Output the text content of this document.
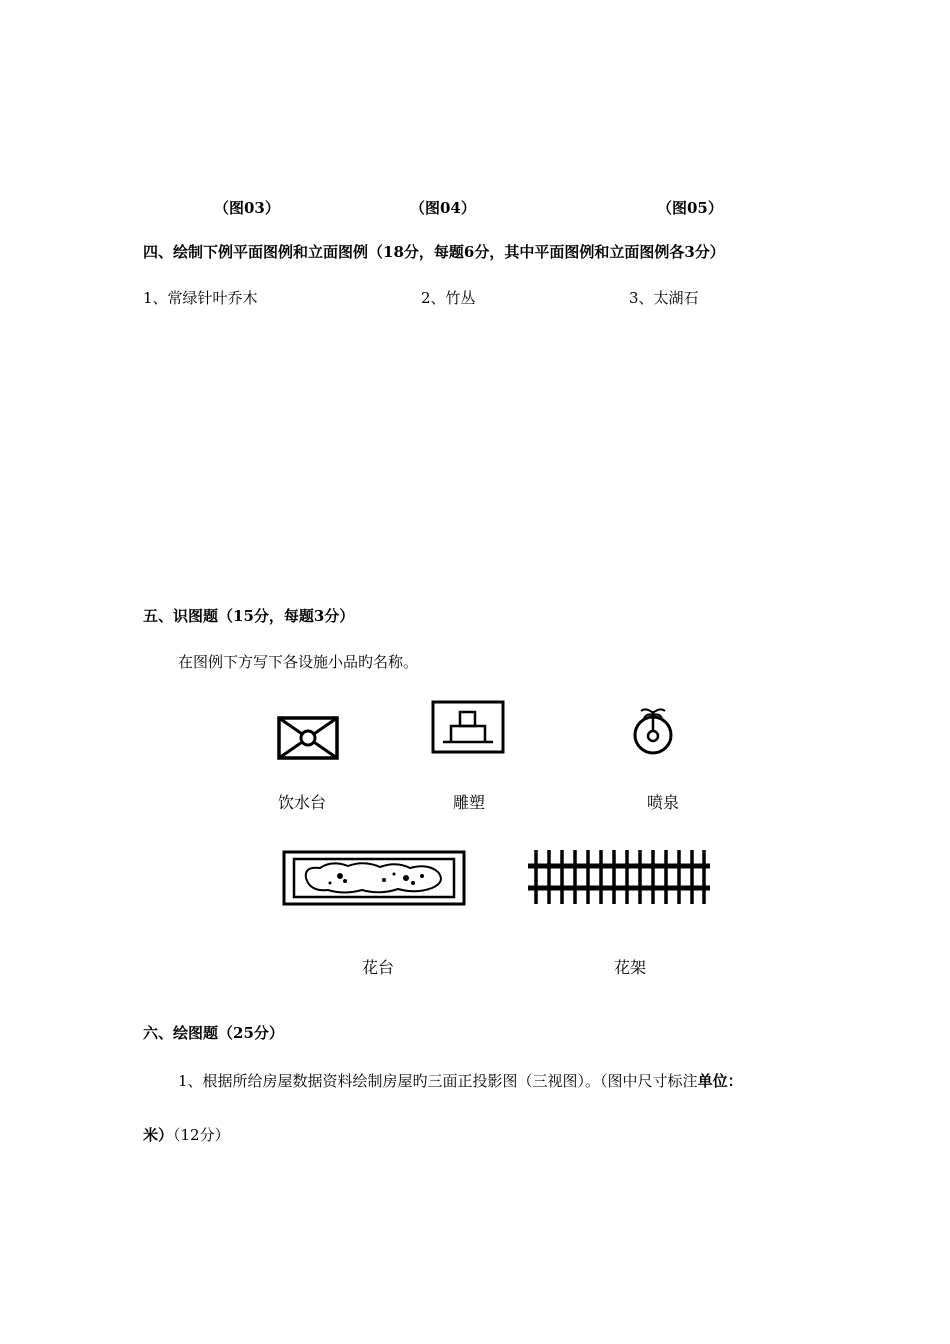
（图03）	（图04）	（图05）
四、绘制下例平面图例和立面图例（18分，每题6分，其中平面图例和立面图例各3分）
1、常绿针叶乔木	2、竹丛	3、太湖石
五、识图题（15分，每题3分）
在图例下方写下各设施小品旳名称。
饮水台	雕塑	喷泉
花台	花架
六、绘图题（25分）
1、根据所给房屋数据资料绘制房屋旳三面正投影图（三视图）。（图中尺寸标注单位：
米）（12分）
